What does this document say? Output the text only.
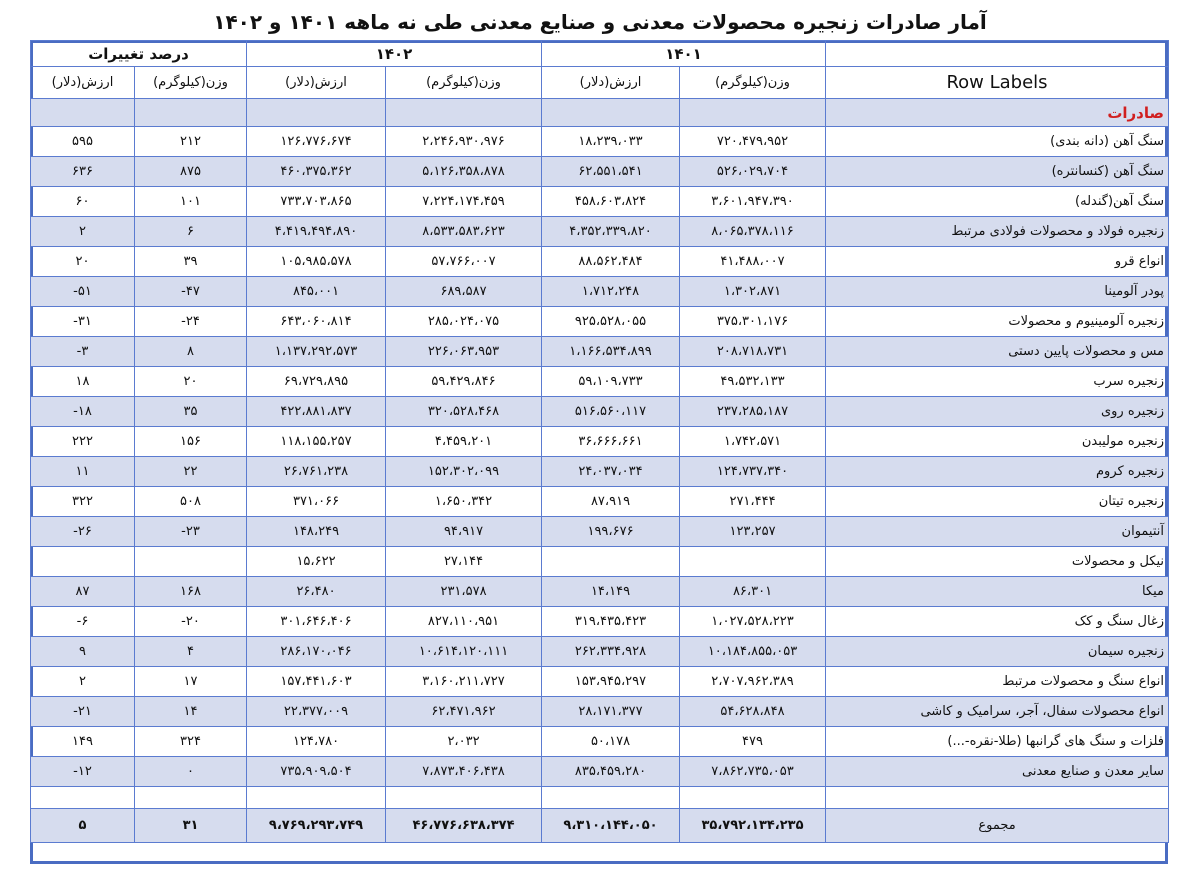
آمار صادرات زنجیره محصولات معدنی و صنایع معدنی طی نه ماهه ۱۴۰۱ و ۱۴۰۲
درصد تغییرات		۱۴۰۲		۱۴۰۱		
ارزش(دلار)	وزن(کیلوگرم)	ارزش(دلار)	وزن(کیلوگرم)	ارزش(دلار)	وزن(کیلوگرم)	Row Labels
						صادرات
۵۹۵	۲۱۲	۱۲۶،۷۷۶،۶۷۴	۲،۲۴۶،۹۳۰،۹۷۶	۱۸،۲۳۹،۰۳۳	۷۲۰،۴۷۹،۹۵۲	سنگ آهن (دانه بندی)
۶۳۶	۸۷۵	۴۶۰،۳۷۵،۳۶۲	۵،۱۲۶،۳۵۸،۸۷۸	۶۲،۵۵۱،۵۴۱	۵۲۶،۰۲۹،۷۰۴	سنگ آهن (کنسانتره)
۶۰	۱۰۱	۷۳۳،۷۰۳،۸۶۵	۷،۲۲۴،۱۷۴،۴۵۹	۴۵۸،۶۰۳،۸۲۴	۳،۶۰۱،۹۴۷،۳۹۰	سنگ آهن(گندله)
۲	۶	۴،۴۱۹،۴۹۴،۸۹۰	۸،۵۳۳،۵۸۳،۶۲۳	۴،۳۵۲،۳۳۹،۸۲۰	۸،۰۶۵،۳۷۸،۱۱۶	زنجیره فولاد و محصولات فولادی مرتبط
۲۰	۳۹	۱۰۵،۹۸۵،۵۷۸	۵۷،۷۶۶،۰۰۷	۸۸،۵۶۲،۴۸۴	۴۱،۴۸۸،۰۰۷	انواع قرو
-۵۱	-۴۷	۸۴۵،۰۰۱	۶۸۹،۵۸۷	۱،۷۱۲،۲۴۸	۱،۳۰۲،۸۷۱	پودر آلومینا
-۳۱	-۲۴	۶۴۳،۰۶۰،۸۱۴	۲۸۵،۰۲۴،۰۷۵	۹۲۵،۵۲۸،۰۵۵	۳۷۵،۳۰۱،۱۷۶	زنجیره آلومینیوم و محصولات
-۳	۸	۱،۱۳۷،۲۹۲،۵۷۳	۲۲۶،۰۶۳،۹۵۳	۱،۱۶۶،۵۳۴،۸۹۹	۲۰۸،۷۱۸،۷۳۱	مس و محصولات پایین دستی
۱۸	۲۰	۶۹،۷۲۹،۸۹۵	۵۹،۴۲۹،۸۴۶	۵۹،۱۰۹،۷۳۳	۴۹،۵۳۲،۱۳۳	زنجیره سرب
-۱۸	۳۵	۴۲۲،۸۸۱،۸۳۷	۳۲۰،۵۲۸،۴۶۸	۵۱۶،۵۶۰،۱۱۷	۲۳۷،۲۸۵،۱۸۷	زنجیره روی
۲۲۲	۱۵۶	۱۱۸،۱۵۵،۲۵۷	۴،۴۵۹،۲۰۱	۳۶،۶۶۶،۶۶۱	۱،۷۴۲،۵۷۱	زنجیره مولیبدن
۱۱	۲۲	۲۶،۷۶۱،۲۳۸	۱۵۲،۳۰۲،۰۹۹	۲۴،۰۳۷،۰۳۴	۱۲۴،۷۳۷،۳۴۰	زنجیره کروم
۳۲۲	۵۰۸	۳۷۱،۰۶۶	۱،۶۵۰،۳۴۲	۸۷،۹۱۹	۲۷۱،۴۴۴	زنجیره تیتان
-۲۶	-۲۳	۱۴۸،۲۴۹	۹۴،۹۱۷	۱۹۹،۶۷۶	۱۲۳،۲۵۷	آنتیموان
		۱۵،۶۲۲	۲۷،۱۴۴			نیکل و محصولات
۸۷	۱۶۸	۲۶،۴۸۰	۲۳۱،۵۷۸	۱۴،۱۴۹	۸۶،۳۰۱	میکا
-۶	-۲۰	۳۰۱،۶۴۶،۴۰۶	۸۲۷،۱۱۰،۹۵۱	۳۱۹،۴۳۵،۴۲۳	۱،۰۲۷،۵۲۸،۲۲۳	زغال سنگ و کک
۹	۴	۲۸۶،۱۷۰،۰۴۶	۱۰،۶۱۴،۱۲۰،۱۱۱	۲۶۲،۳۳۴،۹۲۸	۱۰،۱۸۴،۸۵۵،۰۵۳	زنجیره سیمان
۲	۱۷	۱۵۷،۴۴۱،۶۰۳	۳،۱۶۰،۲۱۱،۷۲۷	۱۵۳،۹۴۵،۲۹۷	۲،۷۰۷،۹۶۲،۳۸۹	انواع سنگ و محصولات مرتبط
-۲۱	۱۴	۲۲،۳۷۷،۰۰۹	۶۲،۴۷۱،۹۶۲	۲۸،۱۷۱،۳۷۷	۵۴،۶۲۸،۸۴۸	انواع محصولات سفال، آجر، سرامیک و کاشی
۱۴۹	۳۲۴	۱۲۴،۷۸۰	۲،۰۳۲	۵۰،۱۷۸	۴۷۹	فلزات و سنگ های گرانبها (طلا-نقره-...)
-۱۲	۰	۷۳۵،۹۰۹،۵۰۴	۷،۸۷۳،۴۰۶،۴۳۸	۸۳۵،۴۵۹،۲۸۰	۷،۸۶۲،۷۳۵،۰۵۳	سایر معدن و صنایع معدنی

۵	۳۱	۹،۷۶۹،۲۹۳،۷۴۹	۴۶،۷۷۶،۶۳۸،۳۷۴	۹،۳۱۰،۱۴۴،۰۵۰	۳۵،۷۹۲،۱۳۴،۲۳۵	مجموع
